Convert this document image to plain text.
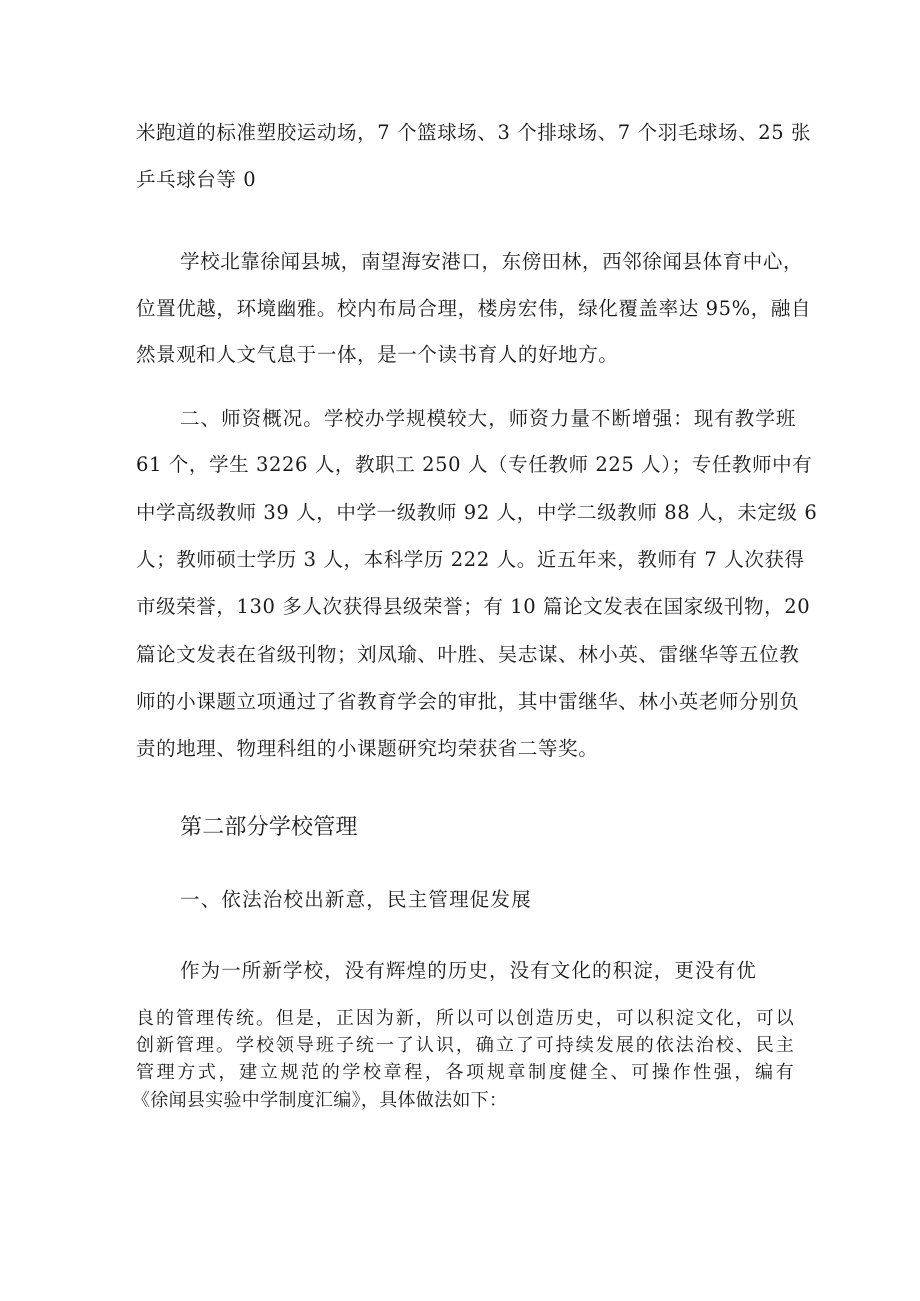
米跑道的标准塑胶运动场，7 个篮球场、3 个排球场、7 个羽毛球场、25 张
乒乓球台等 0
学校北靠徐闻县城，南望海安港口，东傍田林，西邻徐闻县体育中心，
位置优越，环境幽雅。校内布局合理，楼房宏伟，绿化覆盖率达 95%，融自
然景观和人文气息于一体，是一个读书育人的好地方。
二、师资概况。学校办学规模较大，师资力量不断增强：现有教学班
61 个，学生 3226 人，教职工 250 人（专任教师 225 人）；专任教师中有
中学高级教师 39 人，中学一级教师 92 人，中学二级教师 88 人，未定级 6
人；教师硕士学历 3 人，本科学历 222 人。近五年来，教师有 7 人次获得
市级荣誉，130 多人次获得县级荣誉；有 10 篇论文发表在国家级刊物，20
篇论文发表在省级刊物；刘凤瑜、叶胜、吴志谋、林小英、雷继华等五位教
师的小课题立项通过了省教育学会的审批，其中雷继华、林小英老师分别负
责的地理、物理科组的小课题研究均荣获省二等奖。
第二部分学校管理
一、依法治校出新意，民主管理促发展
作为一所新学校，没有辉煌的历史，没有文化的积淀，更没有优
良的管理传统。但是，正因为新，所以可以创造历史，可以积淀文化，可以
创新管理。学校领导班子统一了认识，确立了可持续发展的依法治校、民主
管理方式，建立规范的学校章程，各项规章制度健全、可操作性强，编有
《徐闻县实验中学制度汇编》，具体做法如下：
